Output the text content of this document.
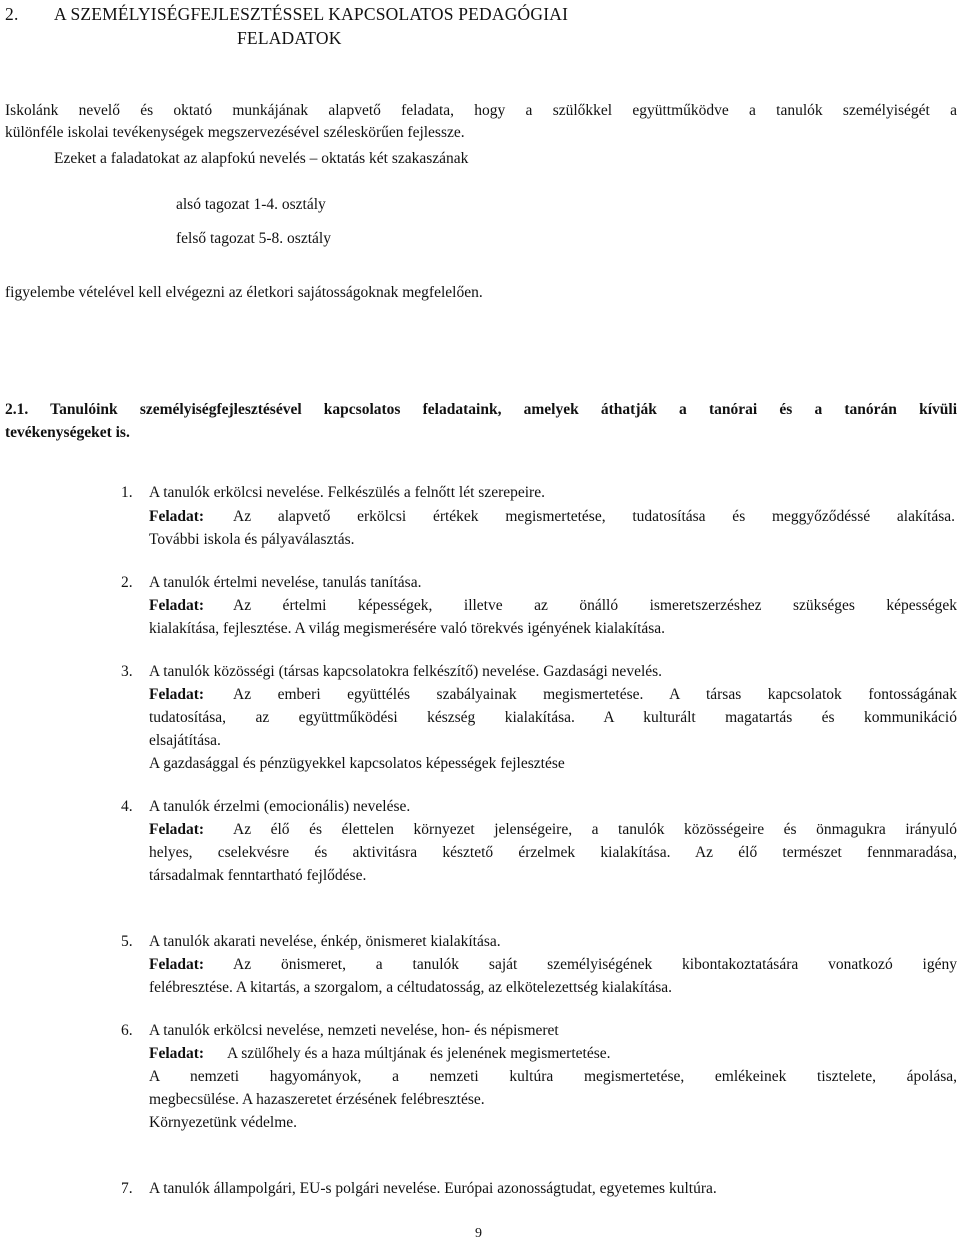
2. A SZEMÉLYISÉGFEJLESZTÉSSEL KAPCSOLATOS PEDAGÓGIAI
FELADATOK
Iskolánk nevelő és oktató munkájának alapvető feladata, hogy a szülőkkel együttműködve a tanulók személyiségét a
különféle iskolai tevékenységek megszervezésével széleskörűen fejlessze.
Ezeket a faladatokat az alapfokú nevelés – oktatás két szakaszának
alsó tagozat 1-4. osztály
felső tagozat 5-8. osztály
figyelembe vételével kell elvégezni az életkori sajátosságoknak megfelelően.
2.1. Tanulóink személyiségfejlesztésével kapcsolatos feladataink, amelyek áthatják a tanórai és a tanórán kívüli
tevékenységeket is.
1. A tanulók erkölcsi nevelése. Felkészülés a felnőtt lét szerepeire.
Feladat: Az alapvető erkölcsi értékek megismertetése, tudatosítása és meggyőződéssé alakítása.
További iskola és pályaválasztás.
2. A tanulók értelmi nevelése, tanulás tanítása.
Feladat: Az értelmi képességek, illetve az önálló ismeretszerzéshez szükséges képességek
kialakítása, fejlesztése. A világ megismerésére való törekvés igényének kialakítása.
3. A tanulók közösségi (társas kapcsolatokra felkészítő) nevelése. Gazdasági nevelés.
Feladat: Az emberi együttélés szabályainak megismertetése. A társas kapcsolatok fontosságának
tudatosítása, az együttműködési készség kialakítása. A kulturált magatartás és kommunikáció
elsajátítása.
A gazdasággal és pénzügyekkel kapcsolatos képességek fejlesztése
4. A tanulók érzelmi (emocionális) nevelése.
Feladat: Az élő és élettelen környezet jelenségeire, a tanulók közösségeire és önmagukra irányuló
helyes, cselekvésre és aktivitásra késztető érzelmek kialakítása. Az élő természet fennmaradása,
társadalmak fenntartható fejlődése.
5. A tanulók akarati nevelése, énkép, önismeret kialakítása.
Feladat: Az önismeret, a tanulók saját személyiségének kibontakoztatására vonatkozó igény
felébresztése. A kitartás, a szorgalom, a céltudatosság, az elkötelezettség kialakítása.
6. A tanulók erkölcsi nevelése, nemzeti nevelése, hon- és népismeret
Feladat: A szülőhely és a haza múltjának és jelenének megismertetése.
A nemzeti hagyományok, a nemzeti kultúra megismertetése, emlékeinek tisztelete, ápolása,
megbecsülése. A hazaszeretet érzésének felébresztése.
Környezetünk védelme.
7. A tanulók állampolgári, EU-s polgári nevelése. Európai azonosságtudat, egyetemes kultúra.
9
